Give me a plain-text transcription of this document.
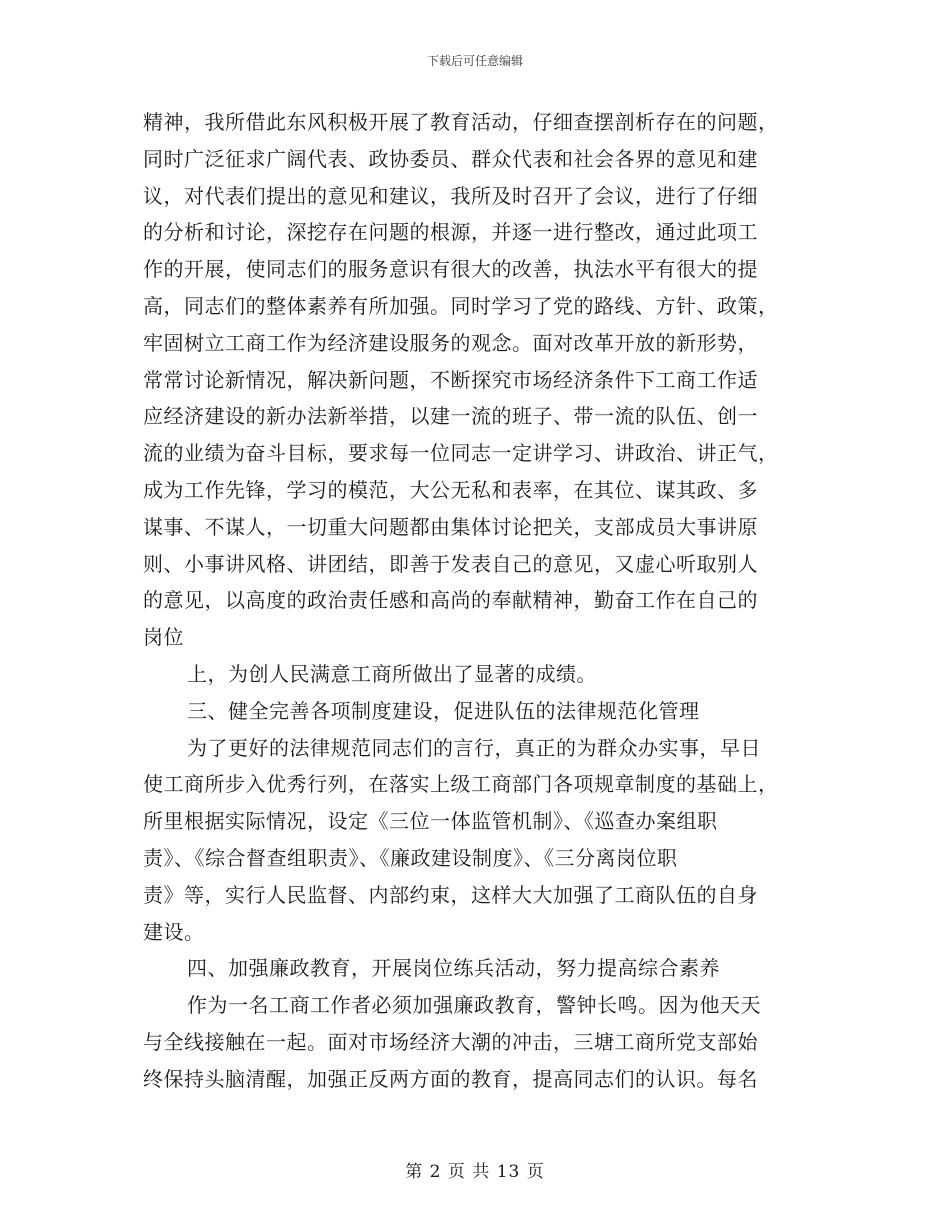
下载后可任意编辑
精神，我所借此东风积极开展了教育活动，仔细查摆剖析存在的问题，
同时广泛征求广阔代表、政协委员、群众代表和社会各界的意见和建
议，对代表们提出的意见和建议，我所及时召开了会议，进行了仔细
的分析和讨论，深挖存在问题的根源，并逐一进行整改，通过此项工
作的开展，使同志们的服务意识有很大的改善，执法水平有很大的提
高，同志们的整体素养有所加强。同时学习了党的路线、方针、政策，
牢固树立工商工作为经济建设服务的观念。面对改革开放的新形势，
常常讨论新情况，解决新问题，不断探究市场经济条件下工商工作适
应经济建设的新办法新举措，以建一流的班子、带一流的队伍、创一
流的业绩为奋斗目标，要求每一位同志一定讲学习、讲政治、讲正气，
成为工作先锋，学习的模范，大公无私和表率，在其位、谋其政、多
谋事、不谋人，一切重大问题都由集体讨论把关，支部成员大事讲原
则、小事讲风格、讲团结，即善于发表自己的意见，又虚心听取别人
的意见，以高度的政治责任感和高尚的奉献精神，勤奋工作在自己的
岗位
上，为创人民满意工商所做出了显著的成绩。
三、健全完善各项制度建设，促进队伍的法律规范化管理
为了更好的法律规范同志们的言行，真正的为群众办实事，早日
使工商所步入优秀行列，在落实上级工商部门各项规章制度的基础上，
所里根据实际情况，设定《三位一体监管机制》、《巡查办案组职
责》、《综合督查组职责》、《廉政建设制度》、《三分离岗位职
责》等，实行人民监督、内部约束，这样大大加强了工商队伍的自身
建设。
四、加强廉政教育，开展岗位练兵活动，努力提高综合素养
作为一名工商工作者必须加强廉政教育，警钟长鸣。因为他天天
与全线接触在一起。面对市场经济大潮的冲击，三塘工商所党支部始
终保持头脑清醒，加强正反两方面的教育，提高同志们的认识。每名
第 2 页 共 13 页
